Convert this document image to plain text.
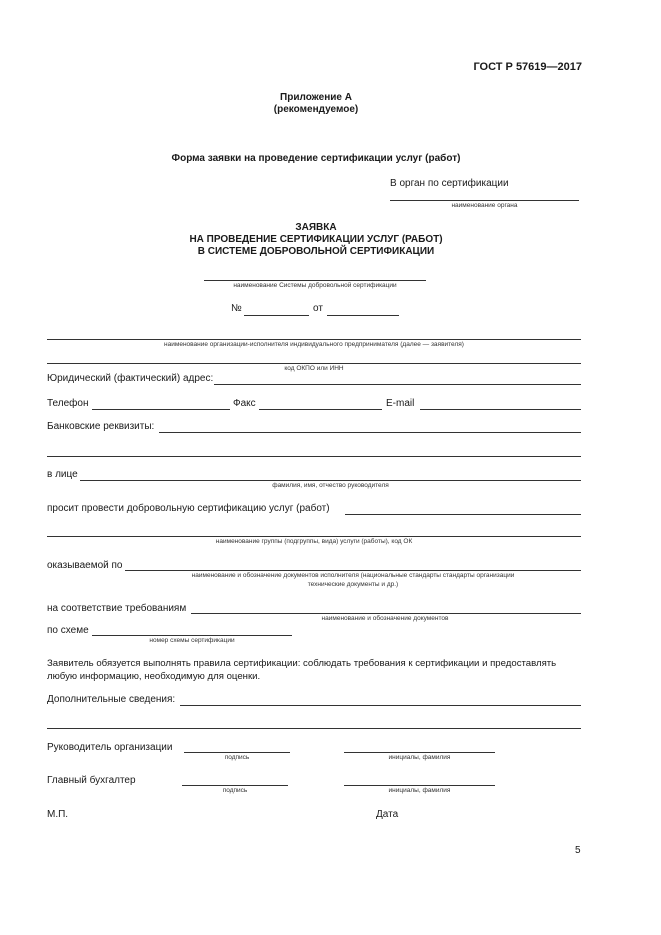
ГОСТ Р 57619—2017
Приложение А
(рекомендуемое)
Форма заявки на проведение сертификации услуг (работ)
В орган по сертификации
наименование органа
ЗАЯВКА
НА ПРОВЕДЕНИЕ СЕРТИФИКАЦИИ УСЛУГ (РАБОТ)
В СИСТЕМЕ ДОБРОВОЛЬНОЙ СЕРТИФИКАЦИИ
наименование Системы добровольной сертификации
№	от
наименование организации-исполнителя индивидуального предпринимателя (далее — заявителя)
код ОКПО или ИНН
Юридический (фактический) адрес:
Телефон	Факс	E-mail
Банковские реквизиты:
в лице
фамилия, имя, отчество руководителя
просит провести добровольную сертификацию услуг (работ)
наименование группы (подгруппы, вида) услуги (работы), код ОК
оказываемой по
наименование и обозначение документов исполнителя (национальные стандарты стандарты организации
технические документы и др.)
на соответствие требованиям
наименование и обозначение документов
по схеме
номер схемы сертификации
Заявитель обязуется выполнять правила сертификации: соблюдать требования к сертификации и предоставлять
любую информацию, необходимую для оценки.
Дополнительные сведения:
Руководитель организации
подпись	инициалы, фамилия
Главный бухгалтер
подпись	инициалы, фамилия
М.П.	Дата
5
